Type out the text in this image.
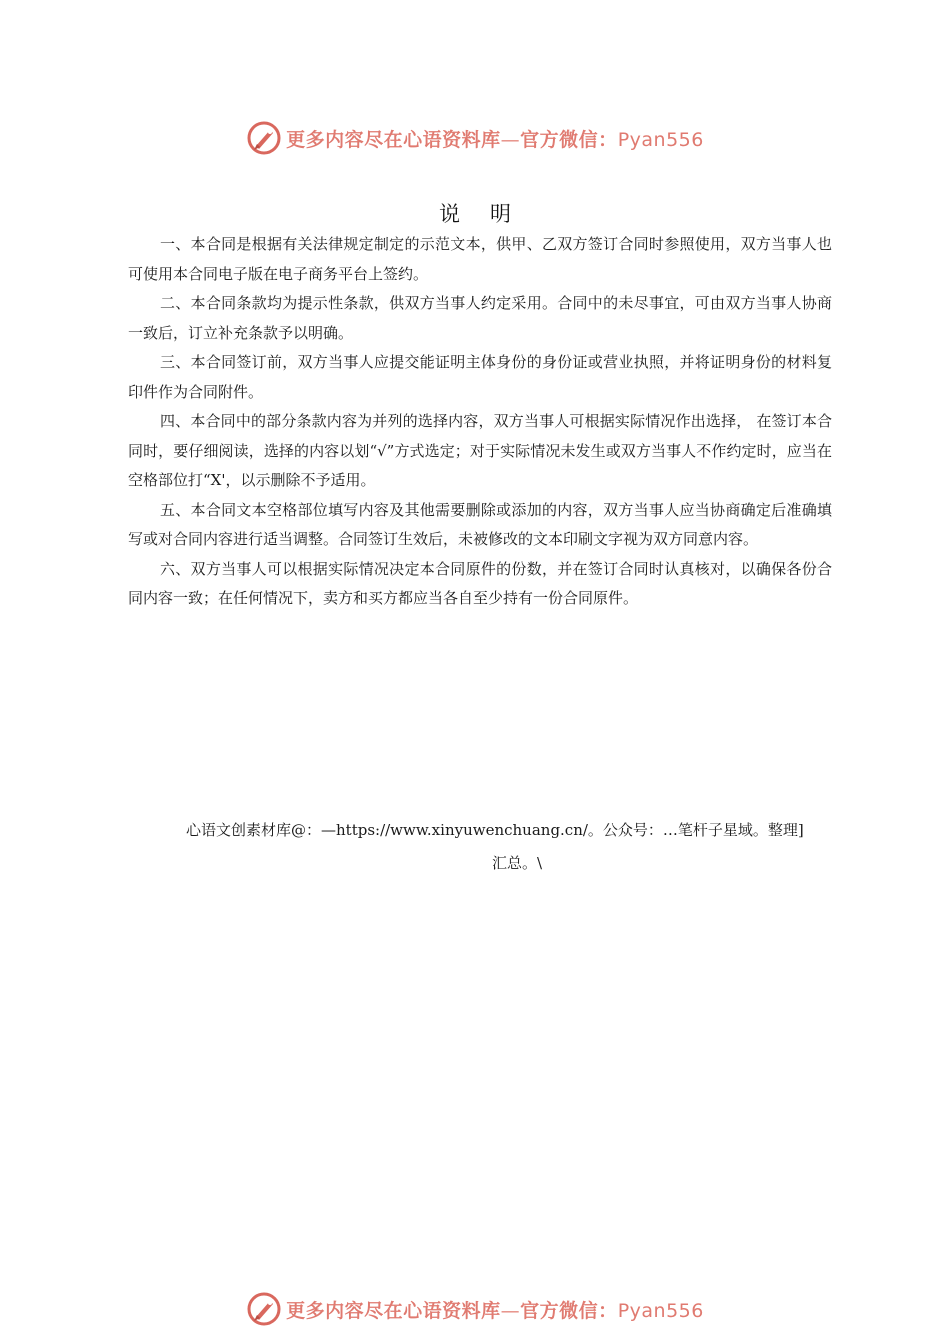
更多内容尽在心语资料库—官方微信：Pyan556
说明

一、本合同是根据有关法律规定制定的示范文本，供甲、乙双方签订合同时参照使用，双方当事人也可使用本合同电子版在电子商务平台上签约。

二、本合同条款均为提示性条款，供双方当事人约定采用。合同中的未尽事宜，可由双方当事人协商一致后，订立补充条款予以明确。

三、本合同签订前，双方当事人应提交能证明主体身份的身份证或营业执照，并将证明身份的材料复印件作为合同附件。

四、本合同中的部分条款内容为并列的选择内容，双方当事人可根据实际情况作出选择， 在签订本合同时，要仔细阅读，选择的内容以划“√”方式选定；对于实际情况未发生或双方当事人不作约定时，应当在空格部位打“X'，以示删除不予适用。

五、本合同文本空格部位填写内容及其他需要删除或添加的内容，双方当事人应当协商确定后准确填写或对合同内容进行适当调整。合同签订生效后，未被修改的文本印刷文字视为双方同意内容。

六、双方当事人可以根据实际情况决定本合同原件的份数，并在签订合同时认真核对，以确保各份合同内容一致；在任何情况下，卖方和买方都应当各自至少持有一份合同原件。

心语文创素材库@：—https://www.xinyuwenchuang.cn/。公众号：…笔杆子星域。整理]
汇总。\
更多内容尽在心语资料库—官方微信：Pyan556
